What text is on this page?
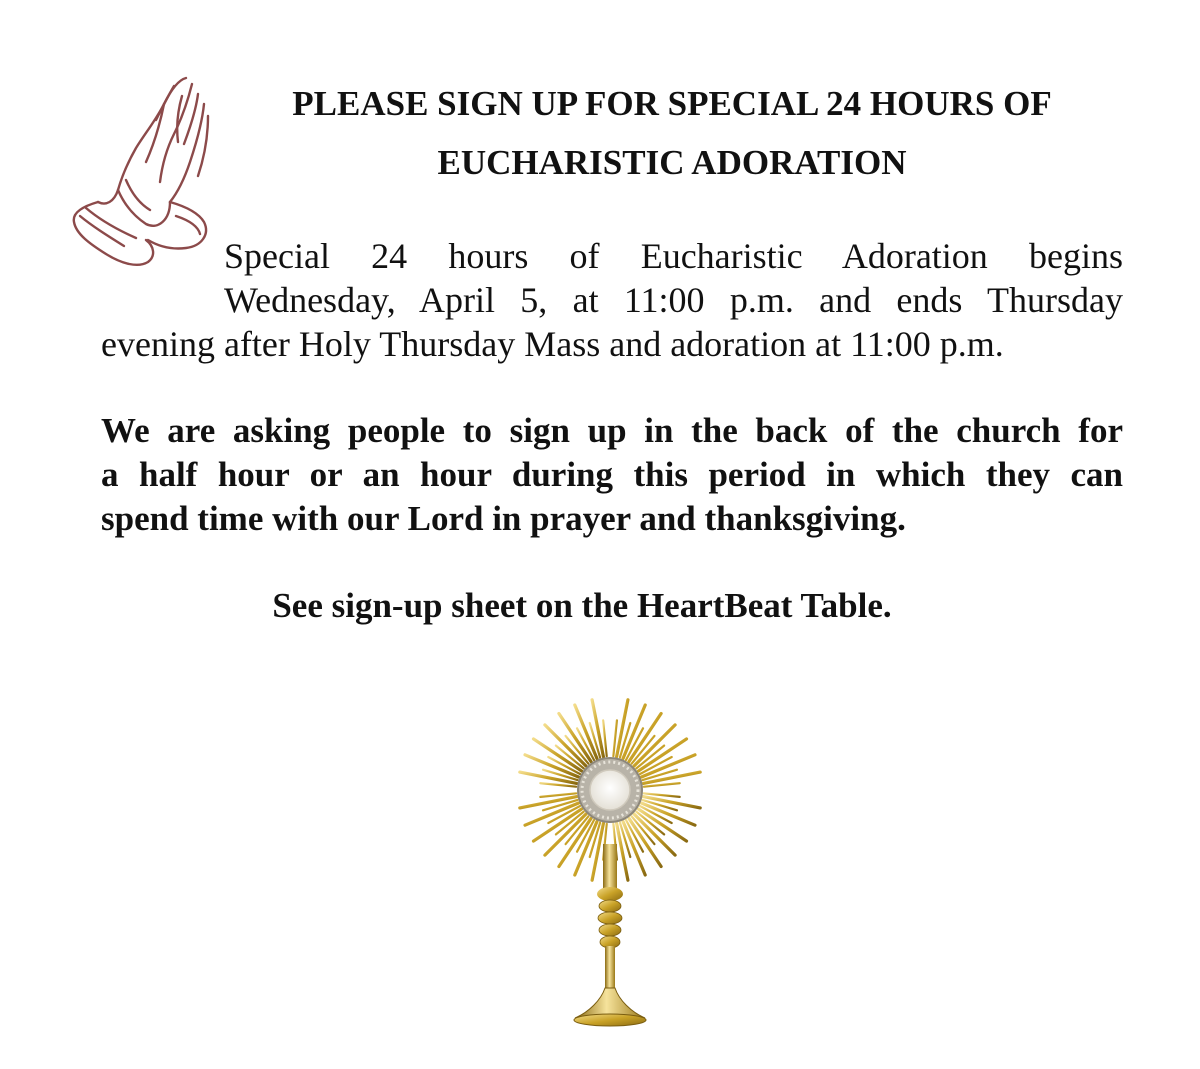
PLEASE SIGN UP FOR SPECIAL 24 HOURS OF
EUCHARISTIC ADORATION
Special 24 hours of Eucharistic Adoration begins
Wednesday, April 5, at 11:00 p.m. and ends Thursday
evening after Holy Thursday Mass and adoration at 11:00 p.m.
We are asking people to sign up in the back of the church for
a half hour or an hour during this period in which they can
spend time with our Lord in prayer and thanksgiving.
See sign-up sheet on the HeartBeat Table.
